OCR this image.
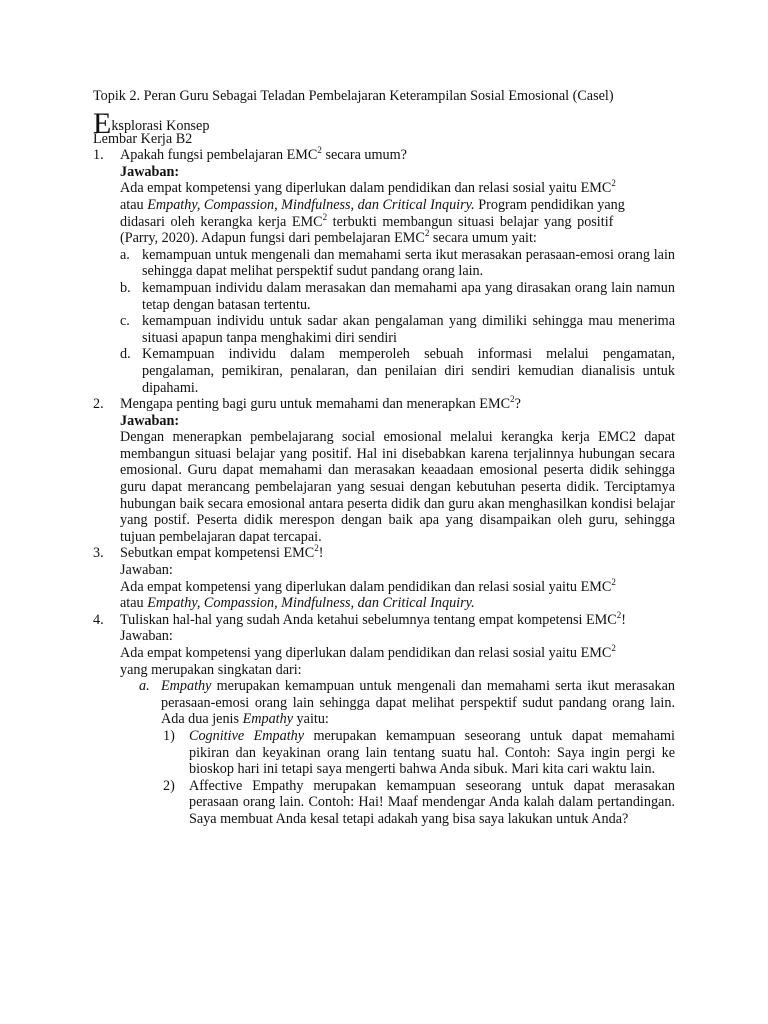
Topik 2. Peran Guru Sebagai Teladan Pembelajaran Keterampilan Sosial Emosional (Casel)
Eksplorasi Konsep
Lembar Kerja B2
1. Apakah fungsi pembelajaran EMC$^2$ secara umum?
Jawaban:
Ada empat kompetensi yang diperlukan dalam pendidikan dan relasi sosial yaitu EMC$^2$
atau Empathy, Compassion, Mindfulness, dan Critical Inquiry. Program pendidikan yang
didasari oleh kerangka kerja EMC$^2$ terbukti membangun situasi belajar yang positif
(Parry, 2020). Adapun fungsi dari pembelajaran EMC$^2$ secara umum yait:
a. kemampuan untuk mengenali dan memahami serta ikut merasakan perasaan-emosi orang lain sehingga dapat melihat perspektif sudut pandang orang lain.
b. kemampuan individu dalam merasakan dan memahami apa yang dirasakan orang lain namun tetap dengan batasan tertentu.
c. kemampuan individu untuk sadar akan pengalaman yang dimiliki sehingga mau menerima situasi apapun tanpa menghakimi diri sendiri
d. Kemampuan individu dalam memperoleh sebuah informasi melalui pengamatan, pengalaman, pemikiran, penalaran, dan penilaian diri sendiri kemudian dianalisis untuk dipahami.
2. Mengapa penting bagi guru untuk memahami dan menerapkan EMC$^2$?
Jawaban:
Dengan menerapkan pembelajarang social emosional melalui kerangka kerja EMC2 dapat membangun situasi belajar yang positif. Hal ini disebabkan karena terjalinnya hubungan secara emosional. Guru dapat memahami dan merasakan keaadaan emosional peserta didik sehingga guru dapat merancang pembelajaran yang sesuai dengan kebutuhan peserta didik. Terciptamya hubungan baik secara emosional antara peserta didik dan guru akan menghasilkan kondisi belajar yang postif. Peserta didik merespon dengan baik apa yang disampaikan oleh guru, sehingga tujuan pembelajaran dapat tercapai.
3. Sebutkan empat kompetensi EMC$^2$!
Jawaban:
Ada empat kompetensi yang diperlukan dalam pendidikan dan relasi sosial yaitu EMC$^2$
atau Empathy, Compassion, Mindfulness, dan Critical Inquiry.
4. Tuliskan hal-hal yang sudah Anda ketahui sebelumnya tentang empat kompetensi EMC$^2$!
Jawaban:
Ada empat kompetensi yang diperlukan dalam pendidikan dan relasi sosial yaitu EMC$^2$
yang merupakan singkatan dari:
a. Empathy merupakan kemampuan untuk mengenali dan memahami serta ikut merasakan perasaan-emosi orang lain sehingga dapat melihat perspektif sudut pandang orang lain. Ada dua jenis Empathy yaitu:
1) Cognitive Empathy merupakan kemampuan seseorang untuk dapat memahami pikiran dan keyakinan orang lain tentang suatu hal. Contoh: Saya ingin pergi ke bioskop hari ini tetapi saya mengerti bahwa Anda sibuk. Mari kita cari waktu lain.
2) Affective Empathy merupakan kemampuan seseorang untuk dapat merasakan perasaan orang lain. Contoh: Hai! Maaf mendengar Anda kalah dalam pertandingan. Saya membuat Anda kesal tetapi adakah yang bisa saya lakukan untuk Anda?
